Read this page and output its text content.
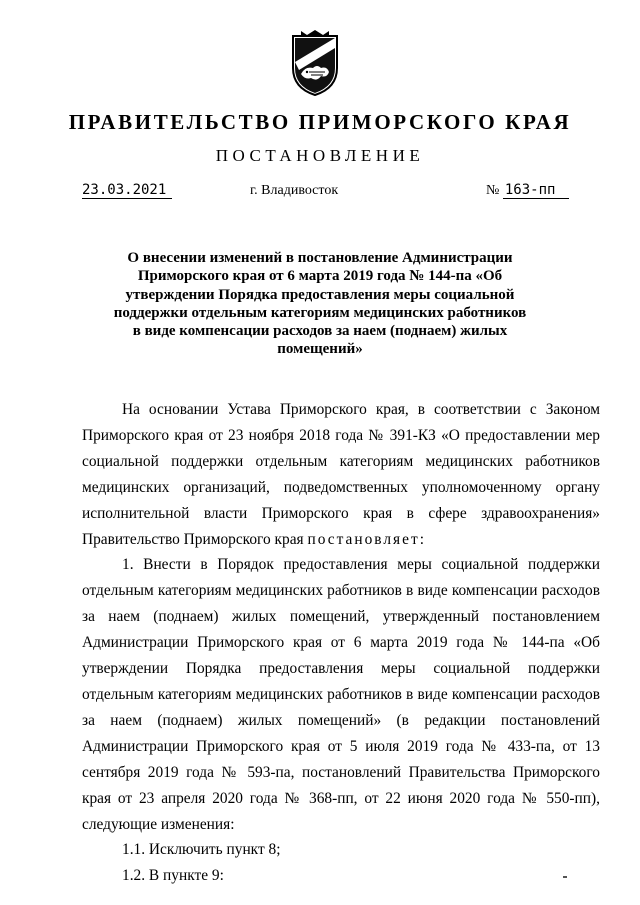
ПРАВИТЕЛЬСТВО ПРИМОРСКОГО КРАЯ
ПОСТАНОВЛЕНИЕ
23.03.2021	г. Владивосток	№ 163-пп
О внесении изменений в постановление Администрации Приморского края от 6 марта 2019 года № 144-па «Об утверждении Порядка предоставления меры социальной поддержки отдельным категориям медицинских работников в виде компенсации расходов за наем (поднаем) жилых помещений»

На основании Устава Приморского края, в соответствии с Законом Приморского края от 23 ноября 2018 года № 391-КЗ «О предоставлении мер социальной поддержки отдельным категориям медицинских работников медицинских организаций, подведомственных уполномоченному органу исполнительной власти Приморского края в сфере здравоохранения» Правительство Приморского края постановляет:

1. Внести в Порядок предоставления меры социальной поддержки отдельным категориям медицинских работников в виде компенсации расходов за наем (поднаем) жилых помещений, утвержденный постановлением Администрации Приморского края от 6 марта 2019 года № 144-па «Об утверждении Порядка предоставления меры социальной поддержки отдельным категориям медицинских работников в виде компенсации расходов за наем (поднаем) жилых помещений» (в редакции постановлений Администрации Приморского края от 5 июля 2019 года № 433-па, от 13 сентября 2019 года № 593-па, постановлений Правительства Приморского края от 23 апреля 2020 года № 368-пп, от 22 июня 2020 года № 550-пп), следующие изменения:

1.1. Исключить пункт 8;

1.2. В пункте 9:
